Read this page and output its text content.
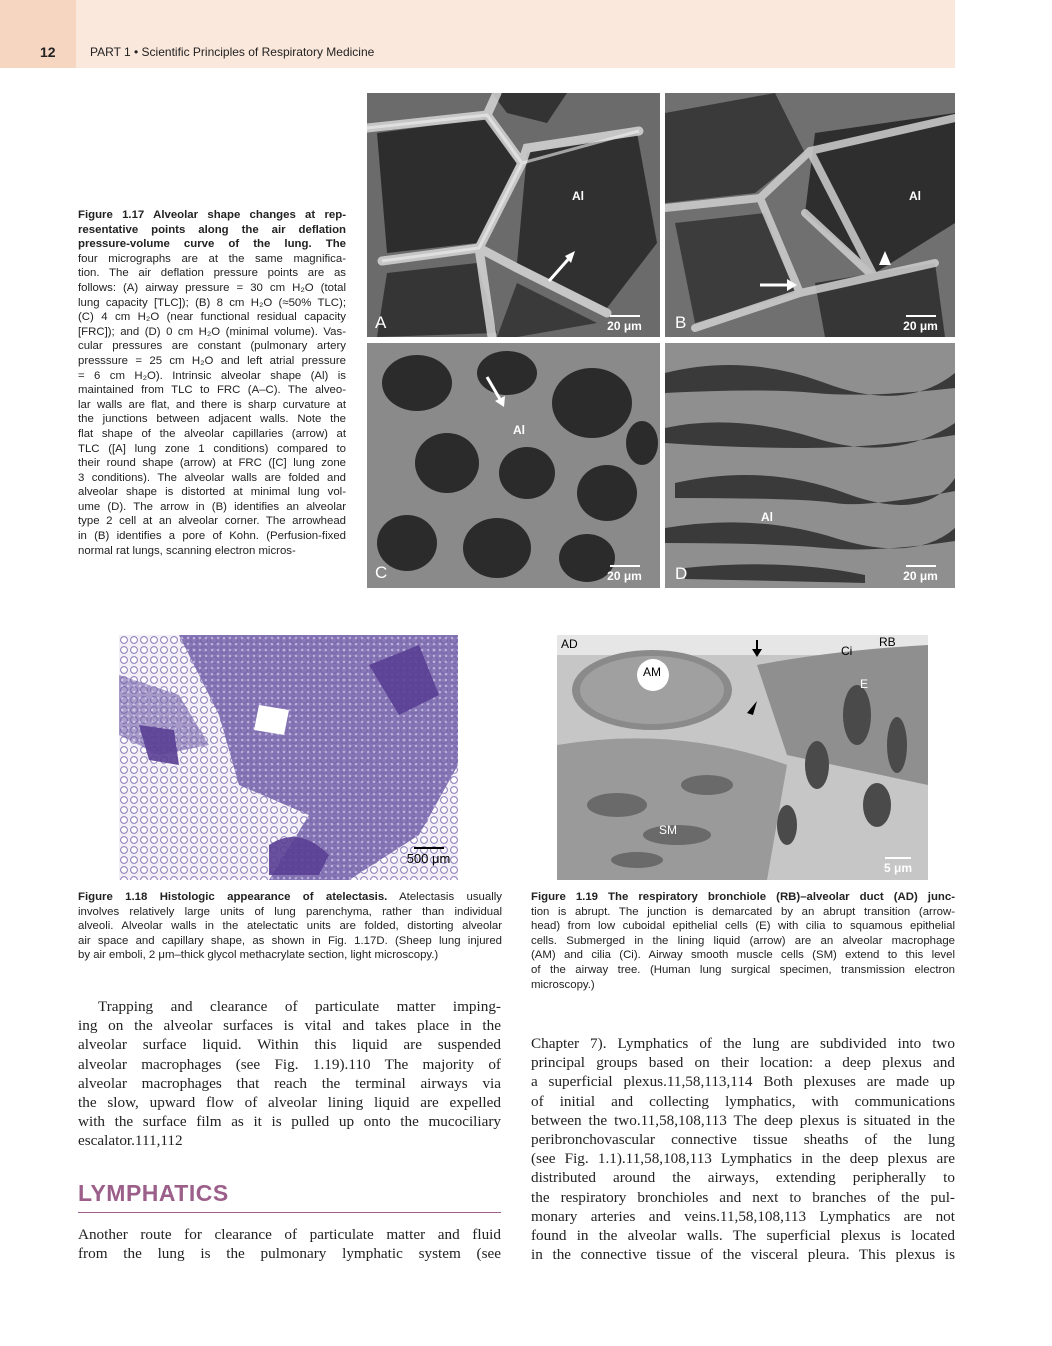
12	PART 1 • Scientific Principles of Respiratory Medicine
Figure 1.17 Alveolar shape changes at rep-
resentative points along the air deflation
pressure-volume curve of the lung. The
four micrographs are at the same magnifica-
tion. The air deflation pressure points are as
follows: (A) airway pressure = 30 cm H₂O (total
lung capacity [TLC]); (B) 8 cm H₂O (≈50% TLC);
(C) 4 cm H₂O (near functional residual capacity
[FRC]); and (D) 0 cm H₂O (minimal volume). Vas-
cular pressures are constant (pulmonary artery
presssure = 25 cm H₂O and left atrial pressure
= 6 cm H₂O). Intrinsic alveolar shape (Al) is
maintained from TLC to FRC (A–C). The alveo-
lar walls are flat, and there is sharp curvature at
the junctions between adjacent walls. Note the
flat shape of the alveolar capillaries (arrow) at
TLC ([A] lung zone 1 conditions) compared to
their round shape (arrow) at FRC ([C] lung zone
3 conditions). The alveolar walls are folded and
alveolar shape is distorted at minimal lung vol-
ume (D). The arrow in (B) identifies an alveolar
type 2 cell at an alveolar corner. The arrowhead
in (B) identifies a pore of Kohn. (Perfusion-fixed
normal rat lungs, scanning electron micros-
Al
A	20 μm
Al
B	20 μm
Al
C	20 μm
Al
D	20 μm
500 μm
AD	RB
Ci
AM
E
SM
5 μm
Figure 1.18 Histologic appearance of atelectasis. Atelectasis usually
involves relatively large units of lung parenchyma, rather than individual
alveoli. Alveolar walls in the atelectatic units are folded, distorting alveolar
air space and capillary shape, as shown in Fig. 1.17D. (Sheep lung injured
by air emboli, 2 μm–thick glycol methacrylate section, light microscopy.)
Figure 1.19 The respiratory bronchiole (RB)–alveolar duct (AD) junc-
tion is abrupt. The junction is demarcated by an abrupt transition (arrow-
head) from low cuboidal epithelial cells (E) with cilia to squamous epithelial
cells. Submerged in the lining liquid (arrow) are an alveolar macrophage
(AM) and cilia (Ci). Airway smooth muscle cells (SM) extend to this level
of the airway tree. (Human lung surgical specimen, transmission electron
microscopy.)
Trapping and clearance of particulate matter imping-
ing on the alveolar surfaces is vital and takes place in the
alveolar surface liquid. Within this liquid are suspended
alveolar macrophages (see Fig. 1.19).110 The majority of
alveolar macrophages that reach the terminal airways via
the slow, upward flow of alveolar lining liquid are expelled
with the surface film as it is pulled up onto the mucociliary
escalator.111,112
LYMPHATICS
Another route for clearance of particulate matter and fluid
from the lung is the pulmonary lymphatic system (see
Chapter 7). Lymphatics of the lung are subdivided into two
principal groups based on their location: a deep plexus and
a superficial plexus.11,58,113,114 Both plexuses are made up
of initial and collecting lymphatics, with communications
between the two.11,58,108,113 The deep plexus is situated in the
peribronchovascular connective tissue sheaths of the lung
(see Fig. 1.1).11,58,108,113 Lymphatics in the deep plexus are
distributed around the airways, extending peripherally to
the respiratory bronchioles and next to branches of the pul-
monary arteries and veins.11,58,108,113 Lymphatics are not
found in the alveolar walls. The superficial plexus is located
in the connective tissue of the visceral pleura. This plexus is
